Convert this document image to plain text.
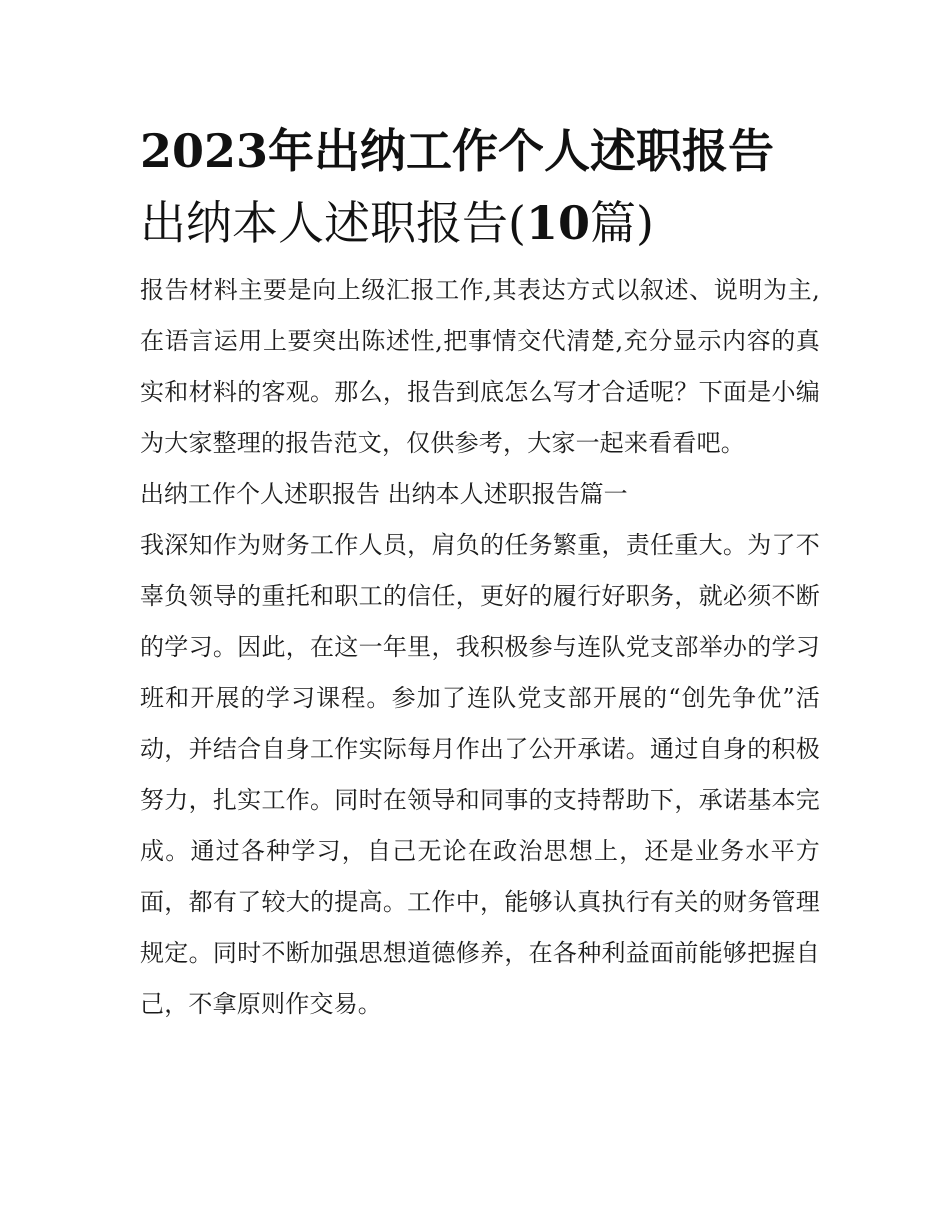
2023年出纳工作个人述职报告
出纳本人述职报告(10篇)

报告材料主要是向上级汇报工作,其表达方式以叙述、说明为主,在语言运用上要突出陈述性,把事情交代清楚,充分显示内容的真实和材料的客观。那么，报告到底怎么写才合适呢？下面是小编为大家整理的报告范文，仅供参考，大家一起来看看吧。

出纳工作个人述职报告 出纳本人述职报告篇一

我深知作为财务工作人员，肩负的任务繁重，责任重大。为了不辜负领导的重托和职工的信任，更好的履行好职务，就必须不断的学习。因此，在这一年里，我积极参与连队党支部举办的学习班和开展的学习课程。参加了连队党支部开展的“创先争优”活动，并结合自身工作实际每月作出了公开承诺。通过自身的积极努力，扎实工作。同时在领导和同事的支持帮助下，承诺基本完成。通过各种学习，自己无论在政治思想上，还是业务水平方面，都有了较大的提高。工作中，能够认真执行有关的财务管理规定。同时不断加强思想道德修养，在各种利益面前能够把握自己，不拿原则作交易。
